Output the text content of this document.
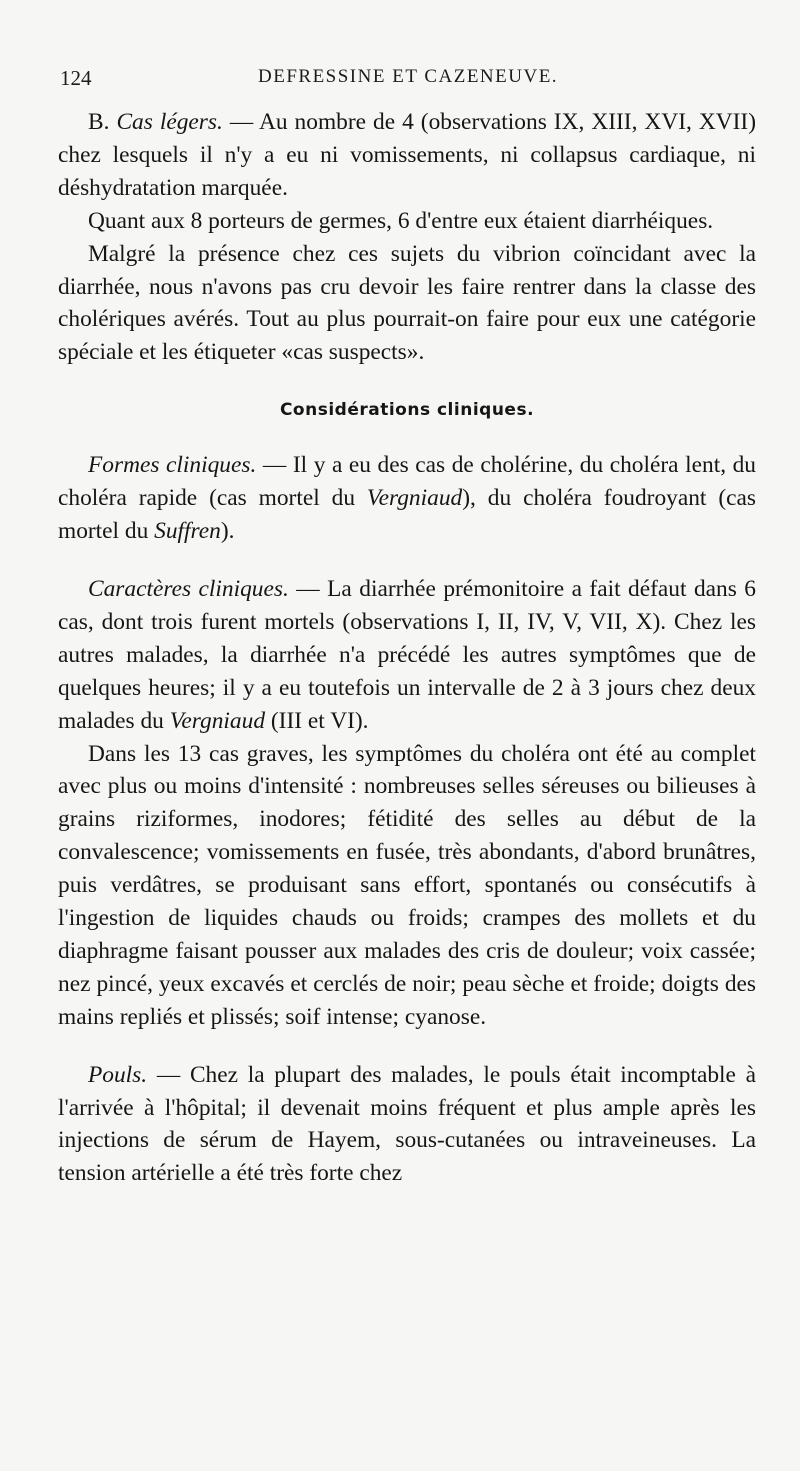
124	DEFRESSINE ET CAZENEUVE.

B. Cas légers. — Au nombre de 4 (observations IX, XIII, XVI, XVII) chez lesquels il n'y a eu ni vomissements, ni collapsus cardiaque, ni déshydratation marquée.

Quant aux 8 porteurs de germes, 6 d'entre eux étaient diarrhéiques.

Malgré la présence chez ces sujets du vibrion coïncidant avec la diarrhée, nous n'avons pas cru devoir les faire rentrer dans la classe des cholériques avérés. Tout au plus pourrait-on faire pour eux une catégorie spéciale et les étiqueter «cas suspects».

Considérations cliniques.

Formes cliniques. — Il y a eu des cas de cholérine, du choléra lent, du choléra rapide (cas mortel du Vergniaud), du choléra foudroyant (cas mortel du Suffren).

Caractères cliniques. — La diarrhée prémonitoire a fait défaut dans 6 cas, dont trois furent mortels (observations I, II, IV, V, VII, X). Chez les autres malades, la diarrhée n'a précédé les autres symptômes que de quelques heures; il y a eu toutefois un intervalle de 2 à 3 jours chez deux malades du Vergniaud (III et VI).

Dans les 13 cas graves, les symptômes du choléra ont été au complet avec plus ou moins d'intensité : nombreuses selles séreuses ou bilieuses à grains riziformes, inodores; fétidité des selles au début de la convalescence; vomissements en fusée, très abondants, d'abord brunâtres, puis verdâtres, se produisant sans effort, spontanés ou consécutifs à l'ingestion de liquides chauds ou froids; crampes des mollets et du diaphragme faisant pousser aux malades des cris de douleur; voix cassée; nez pincé, yeux excavés et cerclés de noir; peau sèche et froide; doigts des mains repliés et plissés; soif intense; cyanose.

Pouls. — Chez la plupart des malades, le pouls était incomptable à l'arrivée à l'hôpital; il devenait moins fréquent et plus ample après les injections de sérum de Hayem, sous-cutanées ou intraveineuses. La tension artérielle a été très forte chez
